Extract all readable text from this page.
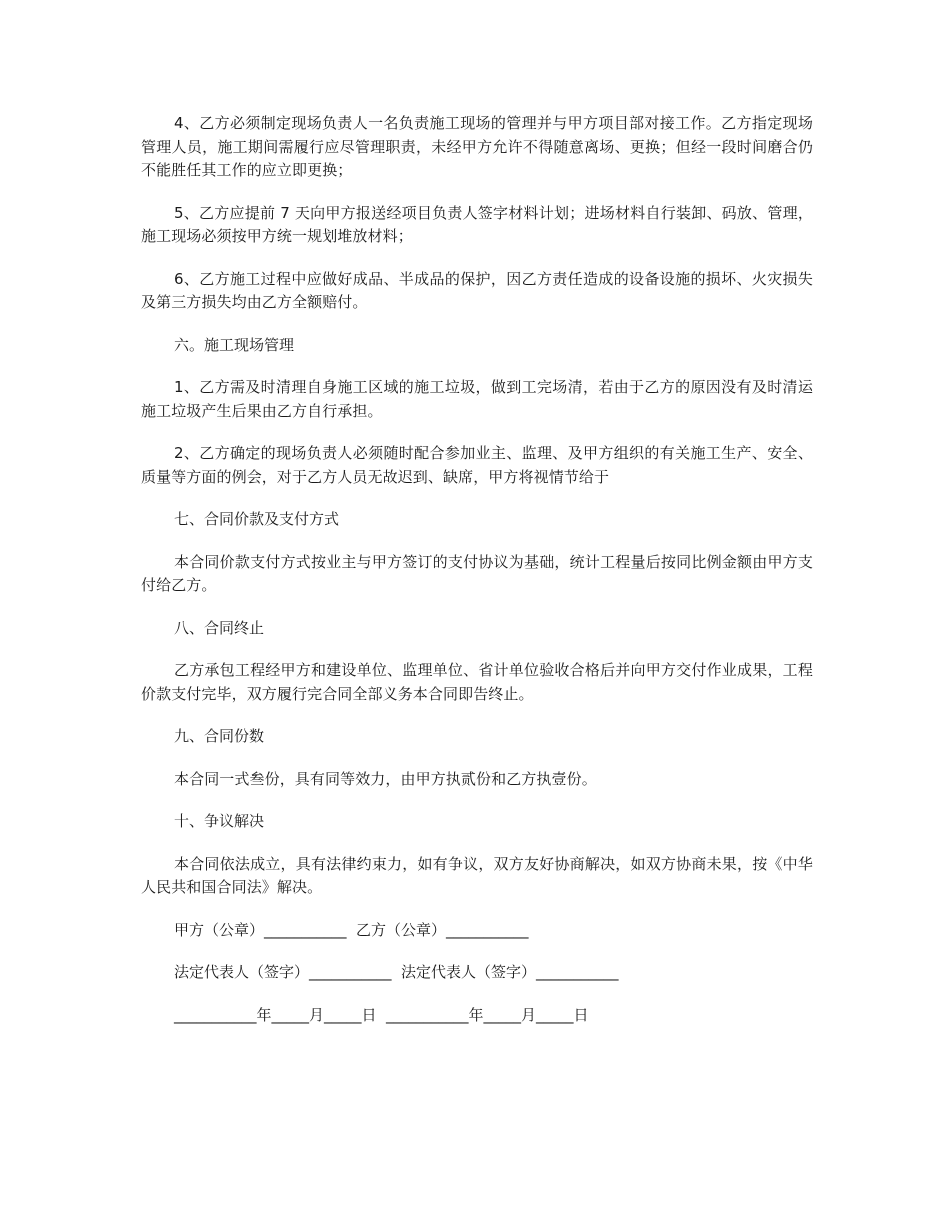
4、乙方必须制定现场负责人一名负责施工现场的管理并与甲方项目部对接工作。乙方指定现场管理人员，施工期间需履行应尽管理职责，未经甲方允许不得随意离场、更换；但经一段时间磨合仍不能胜任其工作的应立即更换；

5、乙方应提前 7 天向甲方报送经项目负责人签字材料计划；进场材料自行装卸、码放、管理，施工现场必须按甲方统一规划堆放材料；

6、乙方施工过程中应做好成品、半成品的保护，因乙方责任造成的设备设施的损坏、火灾损失及第三方损失均由乙方全额赔付。

六。施工现场管理

1、乙方需及时清理自身施工区域的施工垃圾，做到工完场清，若由于乙方的原因没有及时清运施工垃圾产生后果由乙方自行承担。

2、乙方确定的现场负责人必须随时配合参加业主、监理、及甲方组织的有关施工生产、安全、质量等方面的例会，对于乙方人员无故迟到、缺席，甲方将视情节给于

七、合同价款及支付方式

本合同价款支付方式按业主与甲方签订的支付协议为基础，统计工程量后按同比例金额由甲方支付给乙方。

八、合同终止

乙方承包工程经甲方和建设单位、监理单位、省计单位验收合格后并向甲方交付作业成果，工程价款支付完毕，双方履行完合同全部义务本合同即告终止。

九、合同份数

本合同一式叁份，具有同等效力，由甲方执贰份和乙方执壹份。

十、争议解决

本合同依法成立，具有法律约束力，如有争议，双方友好协商解决，如双方协商未果，按《中华人民共和国合同法》解决。

甲方（公章）___________  乙方（公章）___________
法定代表人（签字）___________  法定代表人（签字）___________
___________年_____月_____日  ___________年_____月_____日
